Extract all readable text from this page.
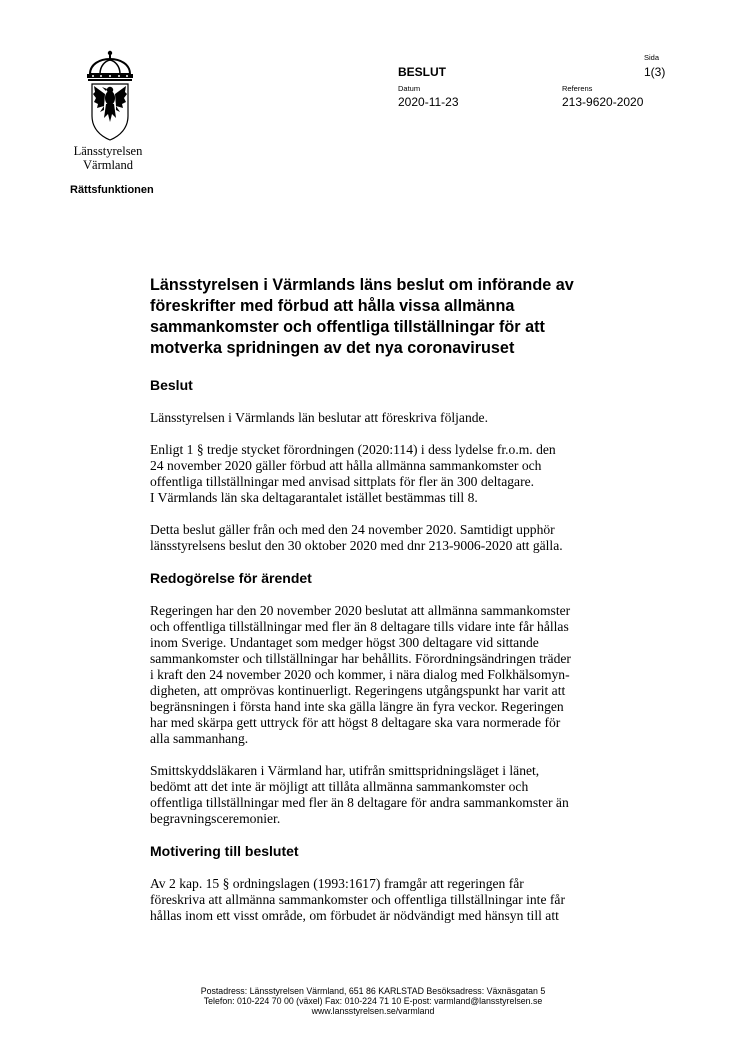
Länsstyrelsen
Värmland
Rättsfunktionen
BESLUT
Sida
1(3)
Datum
2020-11-23
Referens
213-9620-2020
Länsstyrelsen i Värmlands läns beslut om införande av
föreskrifter med förbud att hålla vissa allmänna
sammankomster och offentliga tillställningar för att
motverka spridningen av det nya coronaviruset
Beslut
Länsstyrelsen i Värmlands län beslutar att föreskriva följande.
Enligt 1 § tredje stycket förordningen (2020:114) i dess lydelse fr.o.m. den
24 november 2020 gäller förbud att hålla allmänna sammankomster och
offentliga tillställningar med anvisad sittplats för fler än 300 deltagare.
I Värmlands län ska deltagarantalet istället bestämmas till 8.
Detta beslut gäller från och med den 24 november 2020. Samtidigt upphör
länsstyrelsens beslut den 30 oktober 2020 med dnr 213-9006-2020 att gälla.
Redogörelse för ärendet
Regeringen har den 20 november 2020 beslutat att allmänna sammankomster
och offentliga tillställningar med fler än 8 deltagare tills vidare inte får hållas
inom Sverige. Undantaget som medger högst 300 deltagare vid sittande
sammankomster och tillställningar har behållits. Förordningsändringen träder
i kraft den 24 november 2020 och kommer, i nära dialog med Folkhälsomyn-
digheten, att omprövas kontinuerligt. Regeringens utgångspunkt har varit att
begränsningen i första hand inte ska gälla längre än fyra veckor. Regeringen
har med skärpa gett uttryck för att högst 8 deltagare ska vara normerade för
alla sammanhang.
Smittskyddsläkaren i Värmland har, utifrån smittspridningsläget i länet,
bedömt att det inte är möjligt att tillåta allmänna sammankomster och
offentliga tillställningar med fler än 8 deltagare för andra sammankomster än
begravningsceremonier.
Motivering till beslutet
Av 2 kap. 15 § ordningslagen (1993:1617) framgår att regeringen får
föreskriva att allmänna sammankomster och offentliga tillställningar inte får
hållas inom ett visst område, om förbudet är nödvändigt med hänsyn till att
Postadress: Länsstyrelsen Värmland, 651 86 KARLSTAD Besöksadress: Växnäsgatan 5
Telefon: 010-224 70 00 (växel) Fax: 010-224 71 10 E-post: varmland@lansstyrelsen.se
www.lansstyrelsen.se/varmland
